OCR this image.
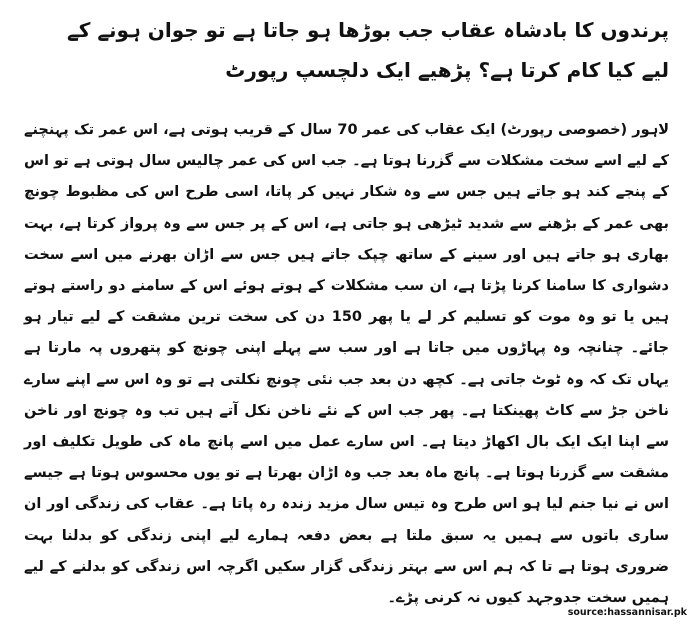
پرندوں کا بادشاہ عقاب جب بوڑھا ہو جاتا ہے تو جوان ہونے کے لیے کیا کام کرتا ہے؟ پڑھیے ایک دلچسپ رپورٹ

لاہور (خصوصی رپورٹ) ایک عقاب کی عمر 70 سال کے قریب ہوتی ہے، اس عمر تک پہنچنے کے لیے اسے سخت مشکلات سے گزرنا ہوتا ہے۔ جب اس کی عمر چالیس سال ہوتی ہے تو اس کے پنجے کند ہو جاتے ہیں جس سے وہ شکار نہیں کر پاتا، اسی طرح اس کی مظبوط چونچ بھی عمر کے بڑھنے سے شدید ٹیڑھی ہو جاتی ہے، اس کے پر جس سے وہ پرواز کرتا ہے، بہت بھاری ہو جاتے ہیں اور سینے کے ساتھ چپک جاتے ہیں جس سے اڑان بھرنے میں اسے سخت دشواری کا سامنا کرنا پڑتا ہے، ان سب مشکلات کے ہوتے ہوئے اس کے سامنے دو راستے ہوتے ہیں یا تو وہ موت کو تسلیم کر لے یا پھر 150 دن کی سخت ترین مشقت کے لیے تیار ہو جائے۔ چنانچہ وہ پہاڑوں میں جاتا ہے اور سب سے پہلے اپنی چونچ کو پتھروں پہ مارتا ہے یہاں تک کہ وہ ٹوٹ جاتی ہے۔ کچھ دن بعد جب نئی چونچ نکلتی ہے تو وہ اس سے اپنے سارے ناخن جڑ سے کاٹ پھینکتا ہے۔ پھر جب اس کے نئے ناخن نکل آتے ہیں تب وہ چونچ اور ناخن سے اپنا ایک ایک بال اکھاڑ دیتا ہے۔ اس سارے عمل میں اسے پانچ ماہ کی طویل تکلیف اور مشقت سے گزرنا ہوتا ہے۔ پانچ ماہ بعد جب وہ اڑان بھرتا ہے تو یوں محسوس ہوتا ہے جیسے اس نے نیا جنم لیا ہو اس طرح وہ تیس سال مزید زندہ رہ پاتا ہے۔ عقاب کی زندگی اور ان ساری باتوں سے ہمیں یہ سبق ملتا ہے بعض دفعہ ہمارے لیے اپنی زندگی کو بدلنا بہت ضروری ہوتا ہے تا کہ ہم اس سے بہتر زندگی گزار سکیں اگرچہ اس زندگی کو بدلنے کے لیے ہمیں سخت جدوجہد کیوں نہ کرنی پڑے۔

source:hassannisar.pk
